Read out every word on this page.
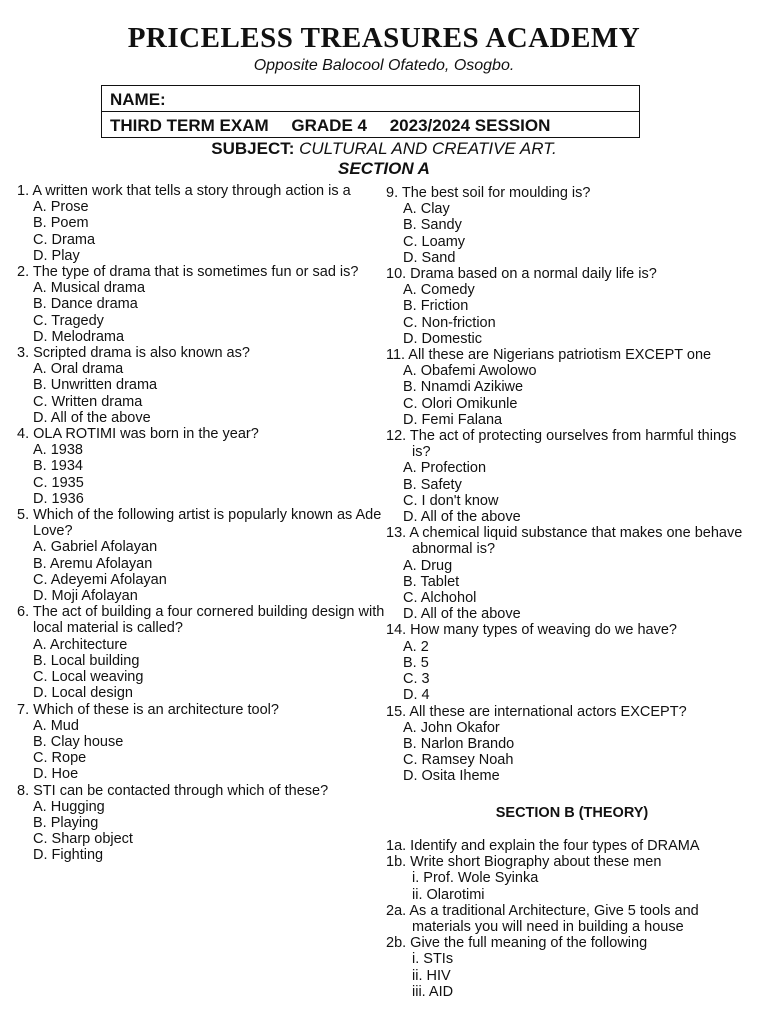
PRICELESS TREASURES ACADEMY
Opposite Balocool Ofatedo, Osogbo.
NAME:
THIRD TERM EXAM GRADE 4 2023/2024 SESSION
SUBJECT: CULTURAL AND CREATIVE ART.
SECTION A
1. A written work that tells a story through action is a
A. Prose
B. Poem
C. Drama
D. Play
2. The type of drama that is sometimes fun or sad is?
A. Musical drama
B. Dance drama
C. Tragedy
D. Melodrama
3. Scripted drama is also known as?
A. Oral drama
B. Unwritten drama
C. Written drama
D. All of the above
4. OLA ROTIMI was born in the year?
A. 1938
B. 1934
C. 1935
D. 1936
5. Which of the following artist is popularly known as Ade Love?
A. Gabriel Afolayan
B. Aremu Afolayan
C. Adeyemi Afolayan
D. Moji Afolayan
6. The act of building a four cornered building design with local material is called?
A. Architecture
B. Local building
C. Local weaving
D. Local design
7. Which of these is an architecture tool?
A. Mud
B. Clay house
C. Rope
D. Hoe
8. STI can be contacted through which of these?
A. Hugging
B. Playing
C. Sharp object
D. Fighting
9. The best soil for moulding is?
A. Clay
B. Sandy
C. Loamy
D. Sand
10. Drama based on a normal daily life is?
A. Comedy
B. Friction
C. Non-friction
D. Domestic
11. All these are Nigerians patriotism EXCEPT one
A. Obafemi Awolowo
B. Nnamdi Azikiwe
C. Olori Omikunle
D. Femi Falana
12. The act of protecting ourselves from harmful things is?
A. Profection
B. Safety
C. I don't know
D. All of the above
13. A chemical liquid substance that makes one behave abnormal is?
A. Drug
B. Tablet
C. Alchohol
D. All of the above
14. How many types of weaving do we have?
A. 2
B. 5
C. 3
D. 4
15. All these are international actors EXCEPT?
A. John Okafor
B. Narlon Brando
C. Ramsey Noah
D. Osita Iheme
SECTION B (THEORY)
1a. Identify and explain the four types of DRAMA
1b. Write short Biography about these men
i. Prof. Wole Syinka
ii. Olarotimi
2a. As a traditional Architecture, Give 5 tools and materials you will need in building a house
2b. Give the full meaning of the following
i. STIs
ii. HIV
iii. AID
